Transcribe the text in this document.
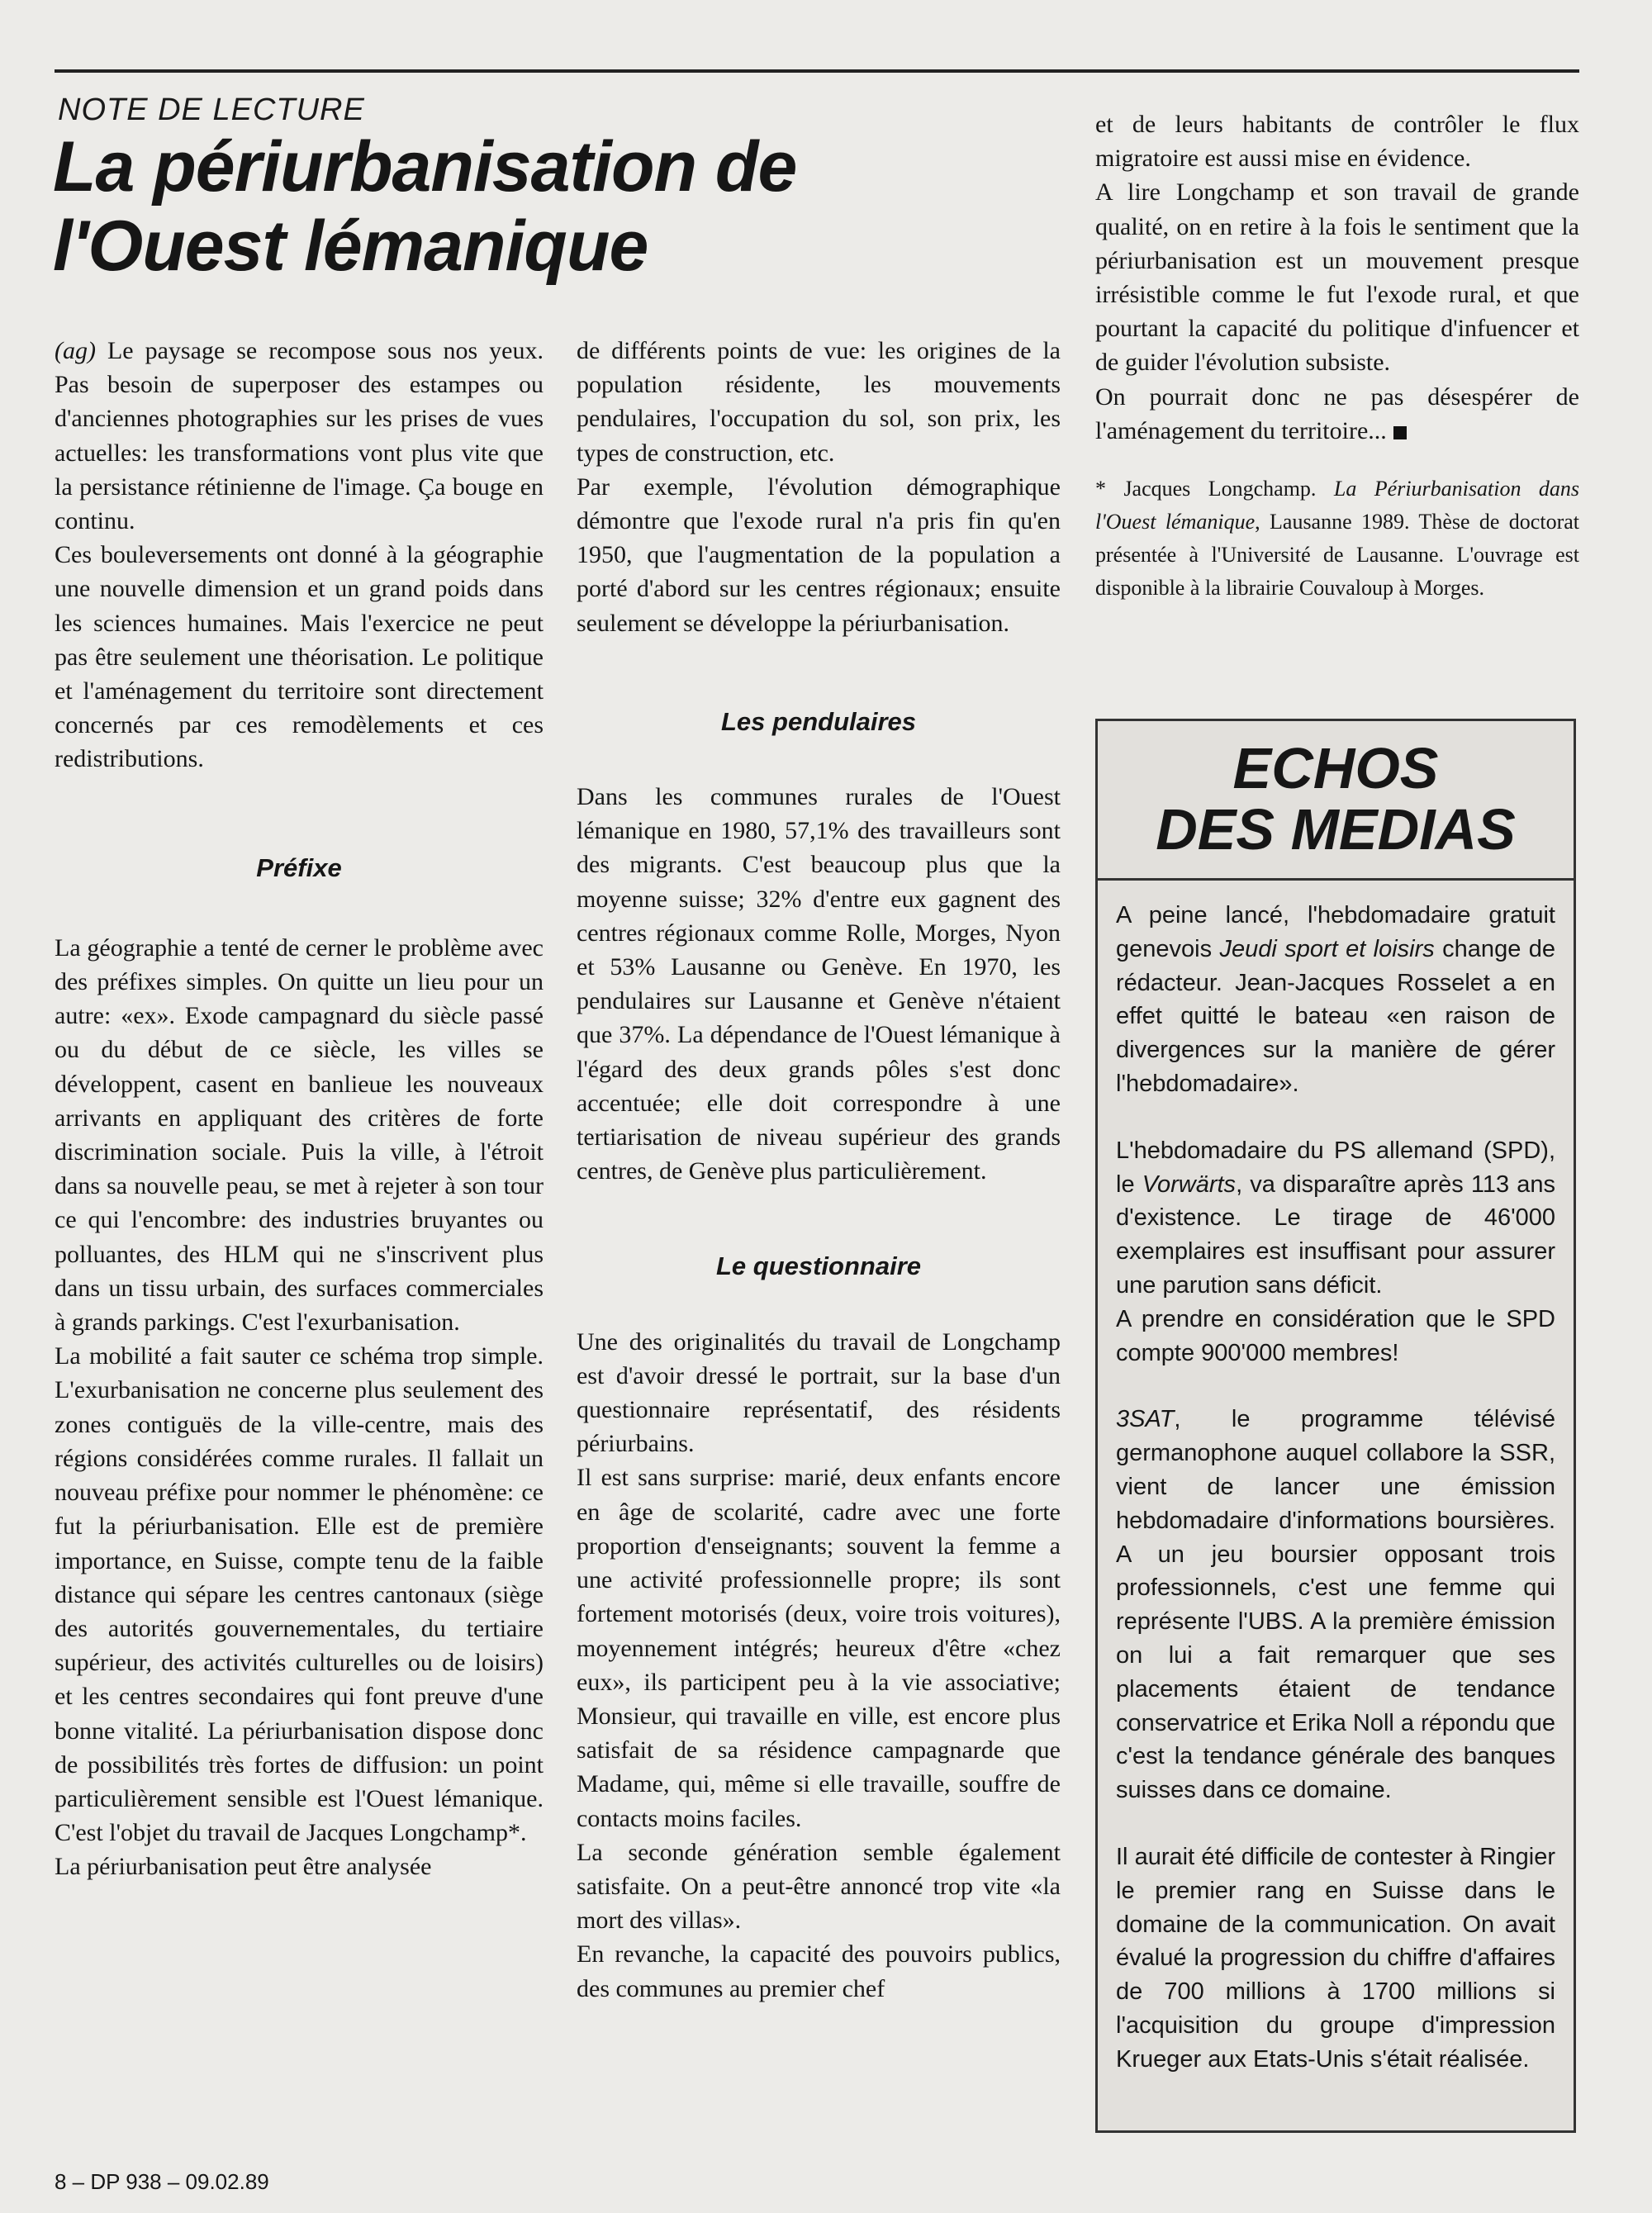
NOTE DE LECTURE
La périurbanisation de
l'Ouest lémanique

(ag) Le paysage se recompose sous nos yeux. Pas besoin de superposer des estampes ou d'anciennes photographies sur les prises de vues actuelles: les transformations vont plus vite que la persistance rétinienne de l'image. Ça bouge en continu.

Ces bouleversements ont donné à la géographie une nouvelle dimension et un grand poids dans les sciences humaines. Mais l'exercice ne peut pas être seulement une théorisation. Le politique et l'aménagement du territoire sont directement concernés par ces remodèlements et ces redistributions.

Préfixe

La géographie a tenté de cerner le problème avec des préfixes simples. On quitte un lieu pour un autre: «ex». Exode campagnard du siècle passé ou du début de ce siècle, les villes se développent, casent en banlieue les nouveaux arrivants en appliquant des critères de forte discrimination sociale. Puis la ville, à l'étroit dans sa nouvelle peau, se met à rejeter à son tour ce qui l'encombre: des industries bruyantes ou polluantes, des HLM qui ne s'inscrivent plus dans un tissu urbain, des surfaces commerciales à grands parkings. C'est l'exurbanisation.

La mobilité a fait sauter ce schéma trop simple. L'exurbanisation ne concerne plus seulement des zones contiguës de la ville-centre, mais des régions considérées comme rurales. Il fallait un nouveau préfixe pour nommer le phénomène: ce fut la périurbanisation. Elle est de première importance, en Suisse, compte tenu de la faible distance qui sépare les centres cantonaux (siège des autorités gouvernementales, du tertiaire supérieur, des activités culturelles ou de loisirs) et les centres secondaires qui font preuve d'une bonne vitalité. La périurbanisation dispose donc de possibilités très fortes de diffusion: un point particulièrement sensible est l'Ouest lémanique. C'est l'objet du travail de Jacques Longchamp*.

La périurbanisation peut être analysée

de différents points de vue: les origines de la population résidente, les mouvements pendulaires, l'occupation du sol, son prix, les types de construction, etc.

Par exemple, l'évolution démographique démontre que l'exode rural n'a pris fin qu'en 1950, que l'augmentation de la population a porté d'abord sur les centres régionaux; ensuite seulement se développe la périurbanisation.

Les pendulaires

Dans les communes rurales de l'Ouest lémanique en 1980, 57,1% des travailleurs sont des migrants. C'est beaucoup plus que la moyenne suisse; 32% d'entre eux gagnent des centres régionaux comme Rolle, Morges, Nyon et 53% Lausanne ou Genève. En 1970, les pendulaires sur Lausanne et Genève n'étaient que 37%. La dépendance de l'Ouest lémanique à l'égard des deux grands pôles s'est donc accentuée; elle doit correspondre à une tertiarisation de niveau supérieur des grands centres, de Genève plus particulièrement.

Le questionnaire

Une des originalités du travail de Longchamp est d'avoir dressé le portrait, sur la base d'un questionnaire représentatif, des résidents périurbains.

Il est sans surprise: marié, deux enfants encore en âge de scolarité, cadre avec une forte proportion d'enseignants; souvent la femme a une activité professionnelle propre; ils sont fortement motorisés (deux, voire trois voitures), moyennement intégrés; heureux d'être «chez eux», ils participent peu à la vie associative; Monsieur, qui travaille en ville, est encore plus satisfait de sa résidence campagnarde que Madame, qui, même si elle travaille, souffre de contacts moins faciles.

La seconde génération semble également satisfaite. On a peut-être annoncé trop vite «la mort des villas».

En revanche, la capacité des pouvoirs publics, des communes au premier chef

et de leurs habitants de contrôler le flux migratoire est aussi mise en évidence.

A lire Longchamp et son travail de grande qualité, on en retire à la fois le sentiment que la périurbanisation est un mouvement presque irrésistible comme le fut l'exode rural, et que pourtant la capacité du politique d'infuencer et de guider l'évolution subsiste.

On pourrait donc ne pas désespérer de l'aménagement du territoire...

* Jacques Longchamp. La Périurbanisation dans l'Ouest lémanique, Lausanne 1989. Thèse de doctorat présentée à l'Université de Lausanne. L'ouvrage est disponible à la librairie Couvaloup à Morges.

ECHOS
DES MEDIAS

A peine lancé, l'hebdomadaire gratuit genevois Jeudi sport et loisirs change de rédacteur. Jean-Jacques Rosselet a en effet quitté le bateau «en raison de divergences sur la manière de gérer l'hebdomadaire».

L'hebdomadaire du PS allemand (SPD), le Vorwärts, va disparaître après 113 ans d'existence. Le tirage de 46'000 exemplaires est insuffisant pour assurer une parution sans déficit.

A prendre en considération que le SPD compte 900'000 membres!

3SAT, le programme télévisé germanophone auquel collabore la SSR, vient de lancer une émission hebdomadaire d'informations boursières. A un jeu boursier opposant trois professionnels, c'est une femme qui représente l'UBS. A la première émission on lui a fait remarquer que ses placements étaient de tendance conservatrice et Erika Noll a répondu que c'est la tendance générale des banques suisses dans ce domaine.

Il aurait été difficile de contester à Ringier le premier rang en Suisse dans le domaine de la communication. On avait évalué la progression du chiffre d'affaires de 700 millions à 1700 millions si l'acquisition du groupe d'impression Krueger aux Etats-Unis s'était réalisée.

8 – DP 938 – 09.02.89
